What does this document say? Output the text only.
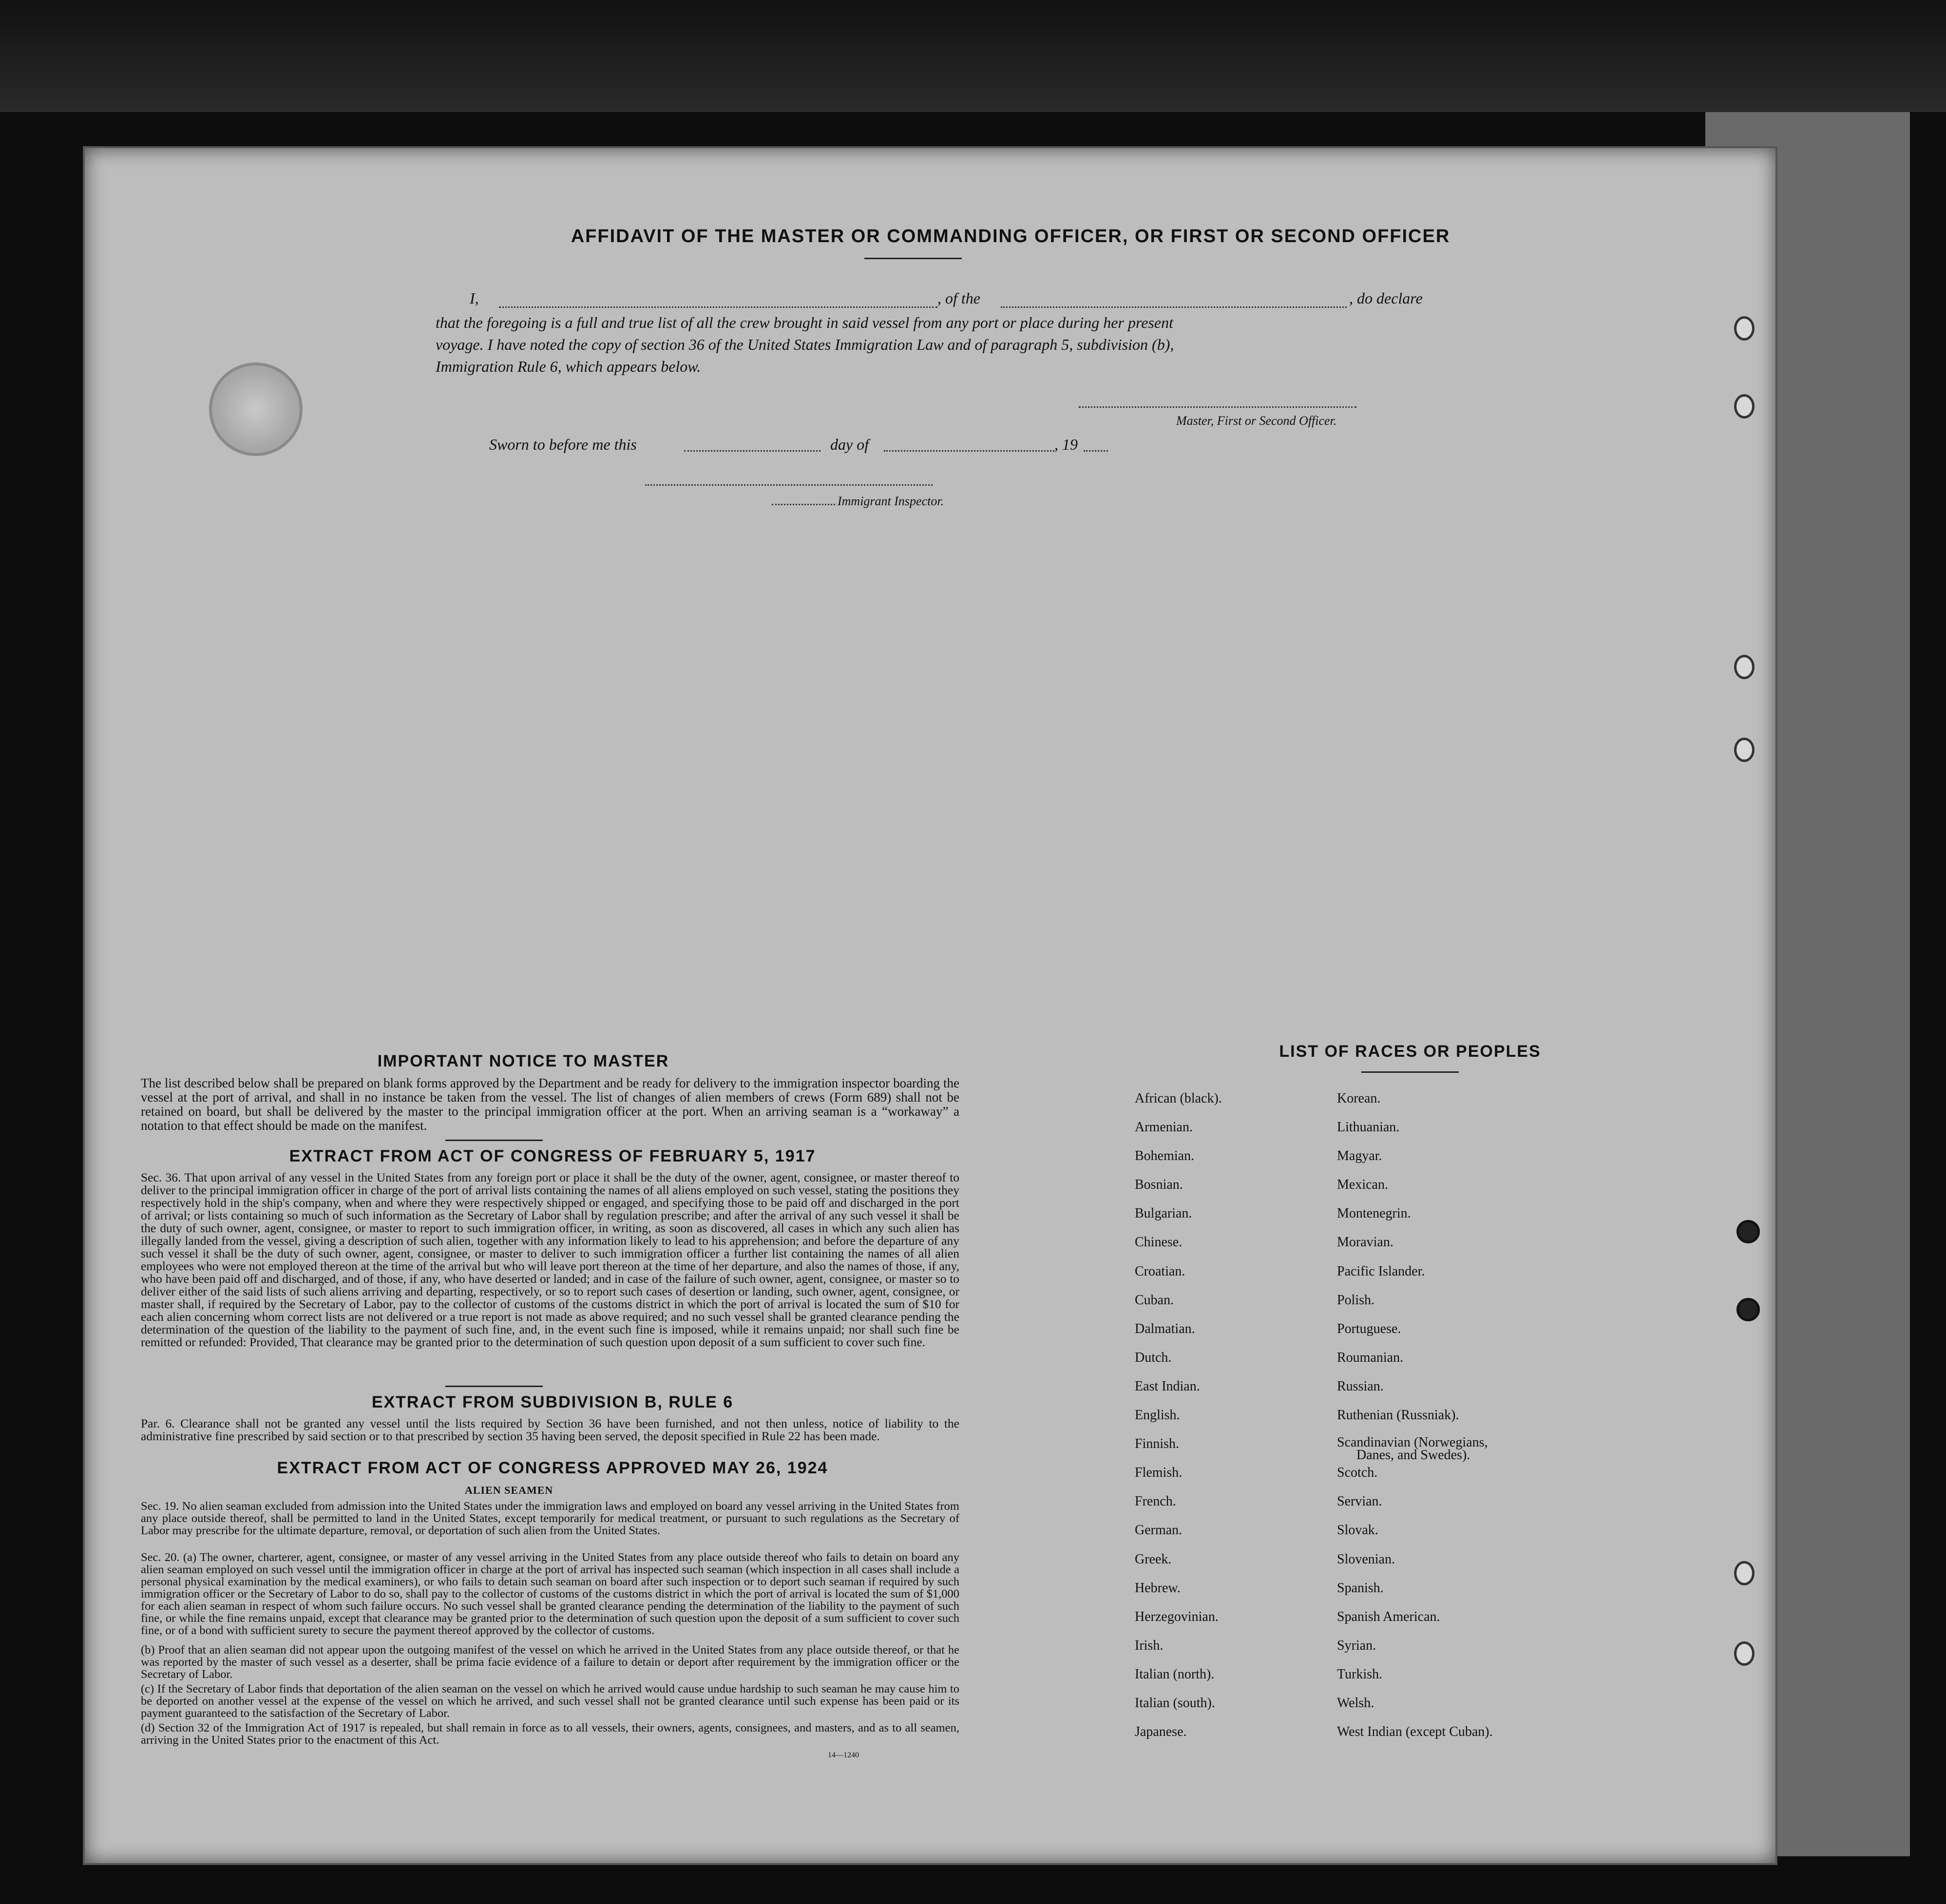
AFFIDAVIT OF THE MASTER OR COMMANDING OFFICER, OR FIRST OR SECOND OFFICER
I,	, of the	, do declare
that the foregoing is a full and true list of all the crew brought in said vessel from any port or place during her present
voyage. I have noted the copy of section 36 of the United States Immigration Law and of paragraph 5, subdivision (b),
Immigration Rule 6, which appears below.
Master, First or Second Officer.
Sworn to before me this	day of	, 19
Immigrant Inspector.
IMPORTANT NOTICE TO MASTER
The list described below shall be prepared on blank forms approved by the Department and be ready for delivery to the immigration inspector boarding the vessel at the port of arrival, and shall in no instance be taken from the vessel. The list of changes of alien members of crews (Form 689) shall not be retained on board, but shall be delivered by the master to the principal immigration officer at the port. When an arriving seaman is a “workaway” a notation to that effect should be made on the manifest.
EXTRACT FROM ACT OF CONGRESS OF FEBRUARY 5, 1917
Sec. 36. That upon arrival of any vessel in the United States from any foreign port or place it shall be the duty of the owner, agent, consignee, or master thereof to deliver to the principal immigration officer in charge of the port of arrival lists containing the names of all aliens employed on such vessel, stating the positions they respectively hold in the ship's company, when and where they were respectively shipped or engaged, and specifying those to be paid off and discharged in the port of arrival; or lists containing so much of such information as the Secretary of Labor shall by regulation prescribe; and after the arrival of any such vessel it shall be the duty of such owner, agent, consignee, or master to report to such immigration officer, in writing, as soon as discovered, all cases in which any such alien has illegally landed from the vessel, giving a description of such alien, together with any information likely to lead to his apprehension; and before the departure of any such vessel it shall be the duty of such owner, agent, consignee, or master to deliver to such immigration officer a further list containing the names of all alien employees who were not employed thereon at the time of the arrival but who will leave port thereon at the time of her departure, and also the names of those, if any, who have been paid off and discharged, and of those, if any, who have deserted or landed; and in case of the failure of such owner, agent, consignee, or master so to deliver either of the said lists of such aliens arriving and departing, respectively, or so to report such cases of desertion or landing, such owner, agent, consignee, or master shall, if required by the Secretary of Labor, pay to the collector of customs of the customs district in which the port of arrival is located the sum of $10 for each alien concerning whom correct lists are not delivered or a true report is not made as above required; and no such vessel shall be granted clearance pending the determination of the question of the liability to the payment of such fine, and, in the event such fine is imposed, while it remains unpaid; nor shall such fine be remitted or refunded: Provided, That clearance may be granted prior to the determination of such question upon deposit of a sum sufficient to cover such fine.
EXTRACT FROM SUBDIVISION B, RULE 6
Par. 6. Clearance shall not be granted any vessel until the lists required by Section 36 have been furnished, and not then unless, notice of liability to the administrative fine prescribed by said section or to that prescribed by section 35 having been served, the deposit specified in Rule 22 has been made.
EXTRACT FROM ACT OF CONGRESS APPROVED MAY 26, 1924
ALIEN SEAMEN
Sec. 19. No alien seaman excluded from admission into the United States under the immigration laws and employed on board any vessel arriving in the United States from any place outside thereof, shall be permitted to land in the United States, except temporarily for medical treatment, or pursuant to such regulations as the Secretary of Labor may prescribe for the ultimate departure, removal, or deportation of such alien from the United States.
Sec. 20. (a) The owner, charterer, agent, consignee, or master of any vessel arriving in the United States from any place outside thereof who fails to detain on board any alien seaman employed on such vessel until the immigration officer in charge at the port of arrival has inspected such seaman (which inspection in all cases shall include a personal physical examination by the medical examiners), or who fails to detain such seaman on board after such inspection or to deport such seaman if required by such immigration officer or the Secretary of Labor to do so, shall pay to the collector of customs of the customs district in which the port of arrival is located the sum of $1,000 for each alien seaman in respect of whom such failure occurs. No such vessel shall be granted clearance pending the determination of the liability to the payment of such fine, or while the fine remains unpaid, except that clearance may be granted prior to the determination of such question upon the deposit of a sum sufficient to cover such fine, or of a bond with sufficient surety to secure the payment thereof approved by the collector of customs.
(b) Proof that an alien seaman did not appear upon the outgoing manifest of the vessel on which he arrived in the United States from any place outside thereof, or that he was reported by the master of such vessel as a deserter, shall be prima facie evidence of a failure to detain or deport after requirement by the immigration officer or the Secretary of Labor.
(c) If the Secretary of Labor finds that deportation of the alien seaman on the vessel on which he arrived would cause undue hardship to such seaman he may cause him to be deported on another vessel at the expense of the vessel on which he arrived, and such vessel shall not be granted clearance until such expense has been paid or its payment guaranteed to the satisfaction of the Secretary of Labor.
(d) Section 32 of the Immigration Act of 1917 is repealed, but shall remain in force as to all vessels, their owners, agents, consignees, and masters, and as to all seamen, arriving in the United States prior to the enactment of this Act.
14—1240
LIST OF RACES OR PEOPLES
African (black).
Armenian.
Bohemian.
Bosnian.
Bulgarian.
Chinese.
Croatian.
Cuban.
Dalmatian.
Dutch.
East Indian.
English.
Finnish.
Flemish.
French.
German.
Greek.
Hebrew.
Herzegovinian.
Irish.
Italian (north).
Italian (south).
Japanese.
Korean.
Lithuanian.
Magyar.
Mexican.
Montenegrin.
Moravian.
Pacific Islander.
Polish.
Portuguese.
Roumanian.
Russian.
Ruthenian (Russniak).
Scandinavian (Norwegians,
Danes, and Swedes).
Scotch.
Servian.
Slovak.
Slovenian.
Spanish.
Spanish American.
Syrian.
Turkish.
Welsh.
West Indian (except Cuban).
